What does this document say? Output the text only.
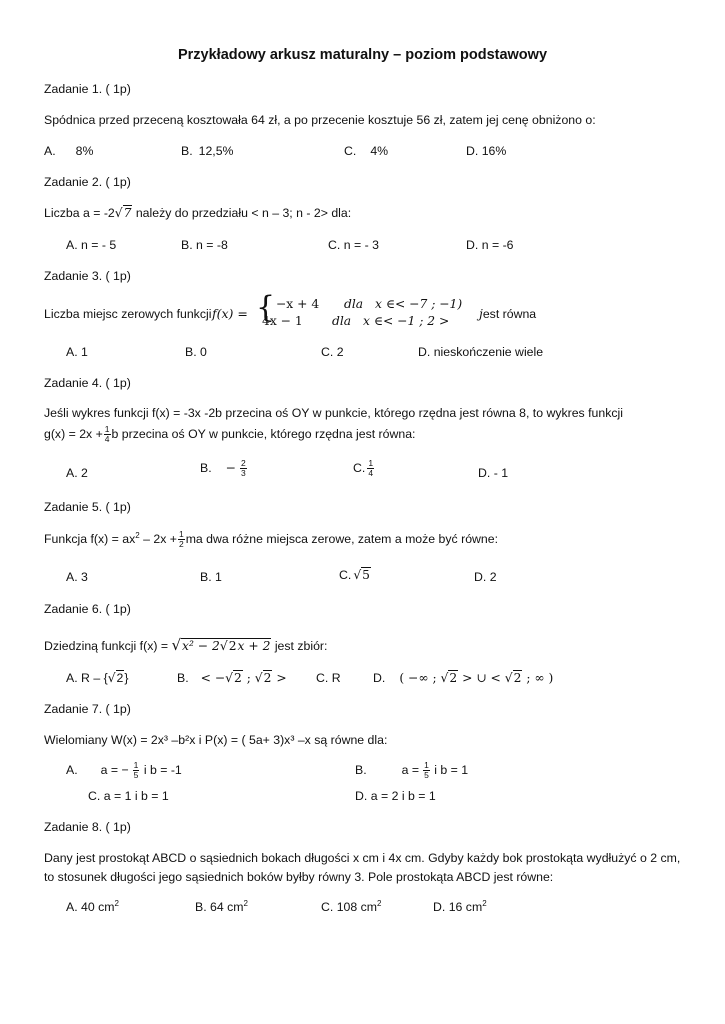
Przykładowy arkusz maturalny – poziom podstawowy
Zadanie 1. ( 1p)
Spódnica przed przeceną kosztowała 64 zł, a po przecenie kosztuje 56 zł, zatem jej cenę obniżono o:
A. 8%	B. 12,5%	C. 4%	D. 16%
Zadanie 2. ( 1p)
Liczba a = -2√7 należy do przedziału < n – 3; n - 2> dla:
A. n = - 5	B. n = -8	C. n = - 3	D. n = -6
Zadanie 3. ( 1p)
Liczba miejsc zerowych funkcji f(x) = { −x + 4 dla x ∈< −7 ; −1)
4x − 1 dla x ∈< −1 ; 2 > jest równa
A. 1	B. 0	C. 2	D. nieskończenie wiele
Zadanie 4. ( 1p)
Jeśli wykres funkcji f(x) = -3x -2b przecina oś OY w punkcie, którego rzędna jest równa 8, to wykres funkcji
$g(x) = 2x + \frac{1}{4}$ b przecina oś OY w punkcie, którego rzędna jest równa:
A. 2	B. − $\frac{2}{3}$	C. $\frac{1}{4}$	D. - 1
Zadanie 5. ( 1p)
Funkcja $f(x) = ax^2 - 2x + \frac{1}{2}$ ma dwa różne miejsca zerowe, zatem a może być równe:
A. 3	B. 1	C. √5	D. 2
Zadanie 6. ( 1p)
Dziedziną funkcji f(x) = √x² − 2√2x + 2 jest zbiór:
A. R – {√2}	B. < −√2 ; √2 > C. R	D. ( −∞ ; √2 > ∪ < √2 ; ∞ )
Zadanie 7. ( 1p)
Wielomiany W(x) = 2x³ –b²x i P(x) = ( 5a+ 3)x³ –x są równe dla:
A. a = − $\frac{1}{5}$ i b = -1	B.	$a = \frac{1}{5}$ i b = 1
C. a = 1 i b = 1	D. a = 2 i b = 1
Zadanie 8. ( 1p)
Dany jest prostokąt ABCD o sąsiednich bokach długości x cm i 4x cm. Gdyby każdy bok prostokąta wydłużyć o 2 cm,
to stosunek długości jego sąsiednich boków byłby równy 3. Pole prostokąta ABCD jest równe:
A. 40 $cm^2$	B. 64 $cm^2$	C. 108 $cm^2$	D. 16 $cm^2$
